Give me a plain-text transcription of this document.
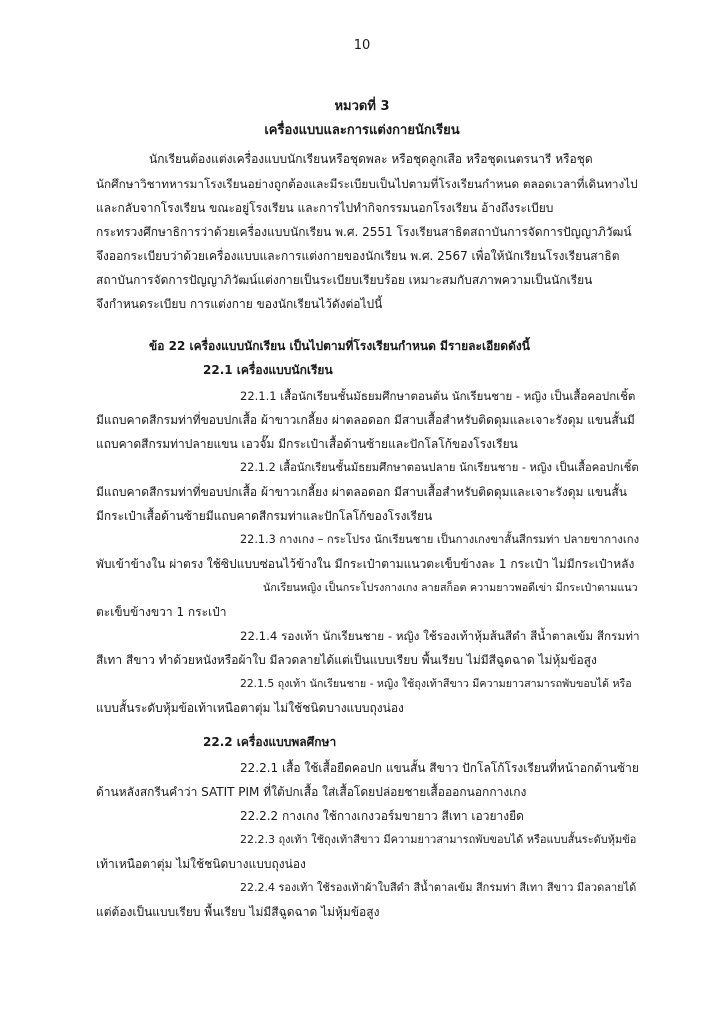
10
หมวดที่ 3
เครื่องแบบและการแต่งกายนักเรียน
นักเรียนต้องแต่งเครื่องแบบนักเรียนหรือชุดพละ หรือชุดลูกเสือ หรือชุดเนตรนารี หรือชุด
นักศึกษาวิชาทหารมาโรงเรียนอย่างถูกต้องและมีระเบียบเป็นไปตามที่โรงเรียนกำหนด ตลอดเวลาที่เดินทางไป
และกลับจากโรงเรียน ขณะอยู่โรงเรียน และการไปทำกิจกรรมนอกโรงเรียน อ้างถึงระเบียบ
กระทรวงศึกษาธิการว่าด้วยเครื่องแบบนักเรียน พ.ศ. 2551 โรงเรียนสาธิตสถาบันการจัดการปัญญาภิวัฒน์
จึงออกระเบียบว่าด้วยเครื่องแบบและการแต่งกายของนักเรียน พ.ศ. 2567 เพื่อให้นักเรียนโรงเรียนสาธิต
สถาบันการจัดการปัญญาภิวัฒน์แต่งกายเป็นระเบียบเรียบร้อย เหมาะสมกับสภาพความเป็นนักเรียน
จึงกำหนดระเบียบ การแต่งกาย ของนักเรียนไว้ดังต่อไปนี้
ข้อ 22 เครื่องแบบนักเรียน เป็นไปตามที่โรงเรียนกำหนด มีรายละเอียดดังนี้
22.1 เครื่องแบบนักเรียน
22.1.1 เสื้อนักเรียนชั้นมัธยมศึกษาตอนต้น นักเรียนชาย - หญิง เป็นเสื้อคอปกเชิ้ต
มีแถบคาดสีกรมท่าที่ขอบปกเสื้อ ผ้าขาวเกลี้ยง ผ่าตลอดอก มีสาบเสื้อสำหรับติดดุมและเจาะรังดุม แขนสั้นมี
แถบคาดสีกรมท่าปลายแขน เอวจั๊ม มีกระเป๋าเสื้อด้านซ้ายและปักโลโก้ของโรงเรียน
22.1.2 เสื้อนักเรียนชั้นมัธยมศึกษาตอนปลาย นักเรียนชาย - หญิง เป็นเสื้อคอปกเชิ้ต
มีแถบคาดสีกรมท่าที่ขอบปกเสื้อ ผ้าขาวเกลี้ยง ผ่าตลอดอก มีสาบเสื้อสำหรับติดดุมและเจาะรังดุม แขนสั้น
มีกระเป๋าเสื้อด้านซ้ายมีแถบคาดสีกรมท่าและปักโลโก้ของโรงเรียน
22.1.3 กางเกง – กระโปรง นักเรียนชาย เป็นกางเกงขาสั้นสีกรมท่า ปลายขากางเกง
พับเข้าข้างใน ผ่าตรง ใช้ซิปแบบซ่อนไว้ข้างใน มีกระเป๋าตามแนวตะเข็บข้างละ 1 กระเป๋า ไม่มีกระเป๋าหลัง
นักเรียนหญิง เป็นกระโปรงกางเกง ลายสก็อต ความยาวพอดีเข่า มีกระเป๋าตามแนว
ตะเข็บข้างขวา 1 กระเป๋า
22.1.4 รองเท้า นักเรียนชาย - หญิง ใช้รองเท้าหุ้มส้นสีดำ สีน้ำตาลเข้ม สีกรมท่า
สีเทา สีขาว ทำด้วยหนังหรือผ้าใบ มีลวดลายได้แต่เป็นแบบเรียบ พื้นเรียบ ไม่มีสีฉูดฉาด ไม่หุ้มข้อสูง
22.1.5 ถุงเท้า นักเรียนชาย - หญิง ใช้ถุงเท้าสีขาว มีความยาวสามารถพับขอบได้ หรือ
แบบสั้นระดับหุ้มข้อเท้าเหนือตาตุ่ม ไม่ใช้ชนิดบางแบบถุงน่อง
22.2 เครื่องแบบพลศึกษา
22.2.1 เสื้อ ใช้เสื้อยืดคอปก แขนสั้น สีขาว ปักโลโก้โรงเรียนที่หน้าอกด้านซ้าย
ด้านหลังสกรีนคำว่า SATIT PIM ที่ใต้ปกเสื้อ ใส่เสื้อโดยปล่อยชายเสื้อออกนอกกางเกง
22.2.2 กางเกง ใช้กางเกงวอร์มขายาว สีเทา เอวยางยืด
22.2.3 ถุงเท้า ใช้ถุงเท้าสีขาว มีความยาวสามารถพับขอบได้ หรือแบบสั้นระดับหุ้มข้อ
เท้าเหนือตาตุ่ม ไม่ใช้ชนิดบางแบบถุงน่อง
22.2.4 รองเท้า ใช้รองเท้าผ้าใบสีดำ สีน้ำตาลเข้ม สีกรมท่า สีเทา สีขาว มีลวดลายได้
แต่ต้องเป็นแบบเรียบ พื้นเรียบ ไม่มีสีฉูดฉาด ไม่หุ้มข้อสูง
